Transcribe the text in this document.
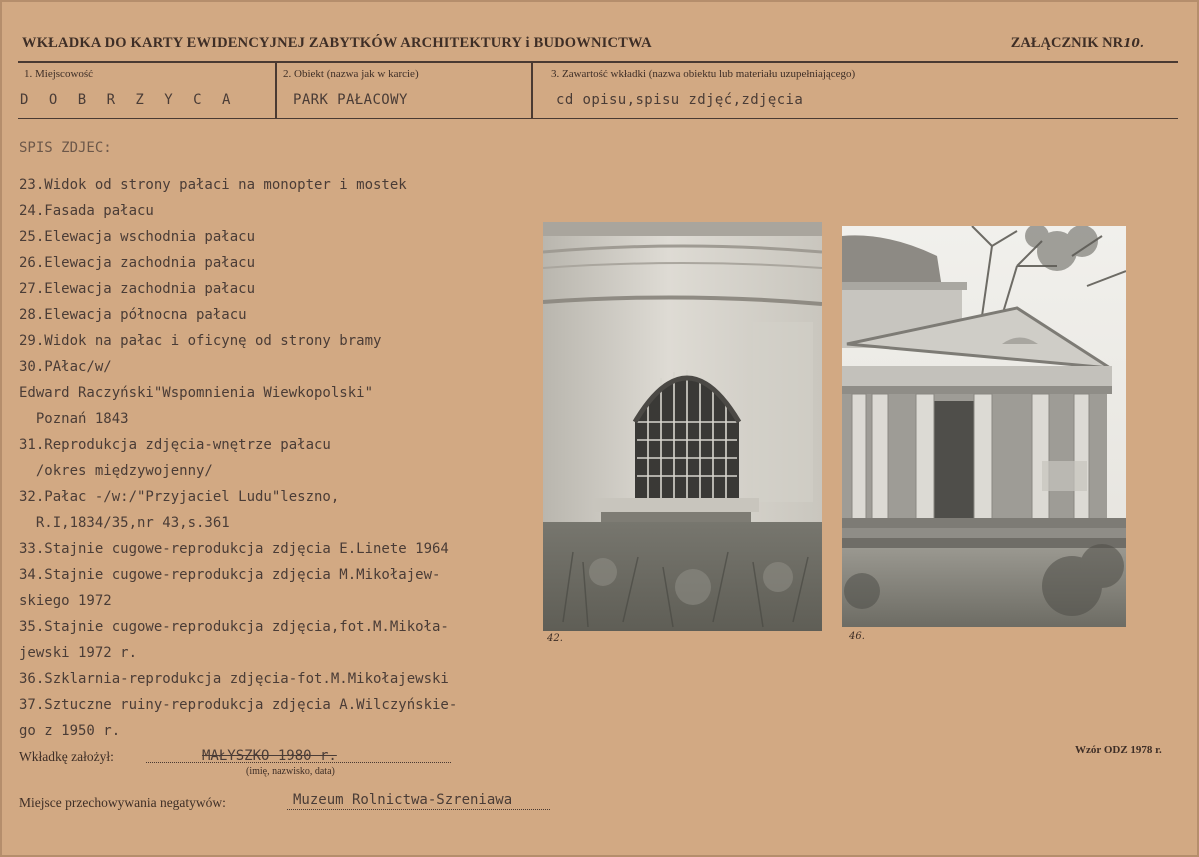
WKŁADKA DO KARTY EWIDENCYJNEJ ZABYTKÓW ARCHITEKTURY i BUDOWNICTWA	ZAŁĄCZNIK NR10.
1. Miejscowość	2. Obiekt (nazwa jak w karcie)	3. Zawartość wkładki (nazwa obiektu lub materiału uzupełniającego)
D O B R Z Y C A	PARK PAŁACOWY	cd opisu,spisu zdjęć,zdjęcia
SPIS ZDJEC:
23.Widok od strony pałaci na monopter i mostek
24.Fasada pałacu
25.Elewacja wschodnia pałacu
26.Elewacja zachodnia pałacu
27.Elewacja zachodnia pałacu
28.Elewacja północna pałacu
29.Widok na pałac i oficynę od strony bramy
30.PAłac/w/
Edward Raczyński"Wspomnienia Wiewkopolski"
Poznań 1843
31.Reprodukcja zdjęcia-wnętrze pałacu
/okres międzywojenny/
32.Pałac -/w:/"Przyjaciel Ludu"leszno,
R.I,1834/35,nr 43,s.361
33.Stajnie cugowe-reprodukcja zdjęcia E.Linete 1964
34.Stajnie cugowe-reprodukcja zdjęcia M.Mikołajew-
skiego 1972
35.Stajnie cugowe-reprodukcja zdjęcia,fot.M.Mikoła-
jewski 1972 r.
36.Szklarnia-reprodukcja zdjęcia-fot.M.Mikołajewski
37.Sztuczne ruiny-reprodukcja zdjęcia A.Wilczyńskie-
go z 1950 r.
42.	46.
Wkładkę założył:	MAŁYSZKO 1980 r.
(imię, nazwisko, data)
Wzór ODZ 1978 r.
Miejsce przechowywania negatywów:	Muzeum Rolnictwa-Szreniawa
